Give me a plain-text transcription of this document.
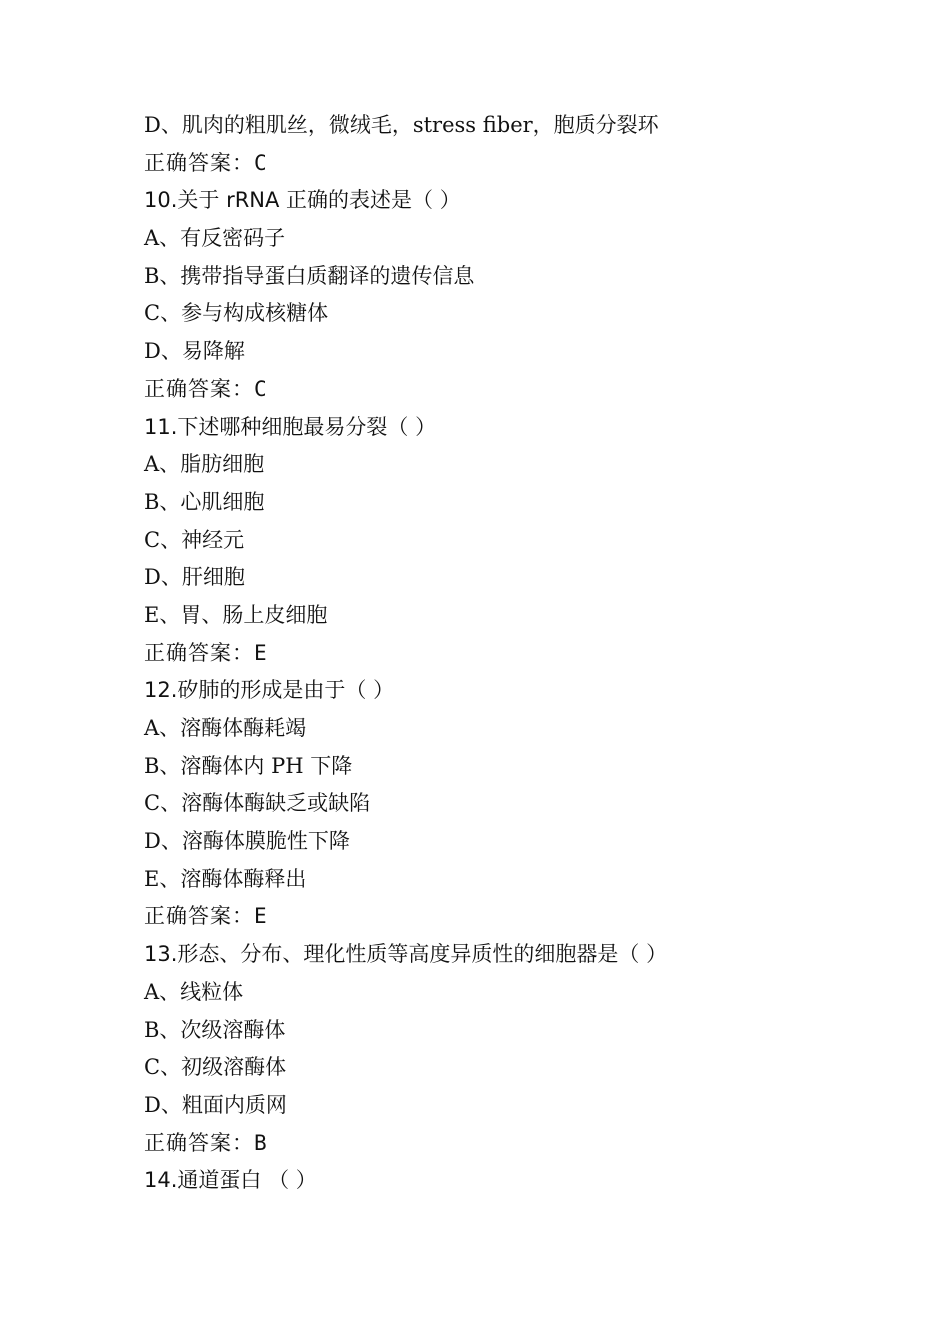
D、肌肉的粗肌丝，微绒毛，stress fiber，胞质分裂环
正确答案：C
10.关于 rRNA 正确的表述是（ ）
A、有反密码子
B、携带指导蛋白质翻译的遗传信息
C、参与构成核糖体
D、易降解
正确答案：C
11.下述哪种细胞最易分裂（ ）
A、脂肪细胞
B、心肌细胞
C、神经元
D、肝细胞
E、胃、肠上皮细胞
正确答案：E
12.矽肺的形成是由于（ ）
A、溶酶体酶耗竭
B、溶酶体内 PH 下降
C、溶酶体酶缺乏或缺陷
D、溶酶体膜脆性下降
E、溶酶体酶释出
正确答案：E
13.形态、分布、理化性质等高度异质性的细胞器是（ ）
A、线粒体
B、次级溶酶体
C、初级溶酶体
D、粗面内质网
正确答案：B
14.通道蛋白 （ ）
